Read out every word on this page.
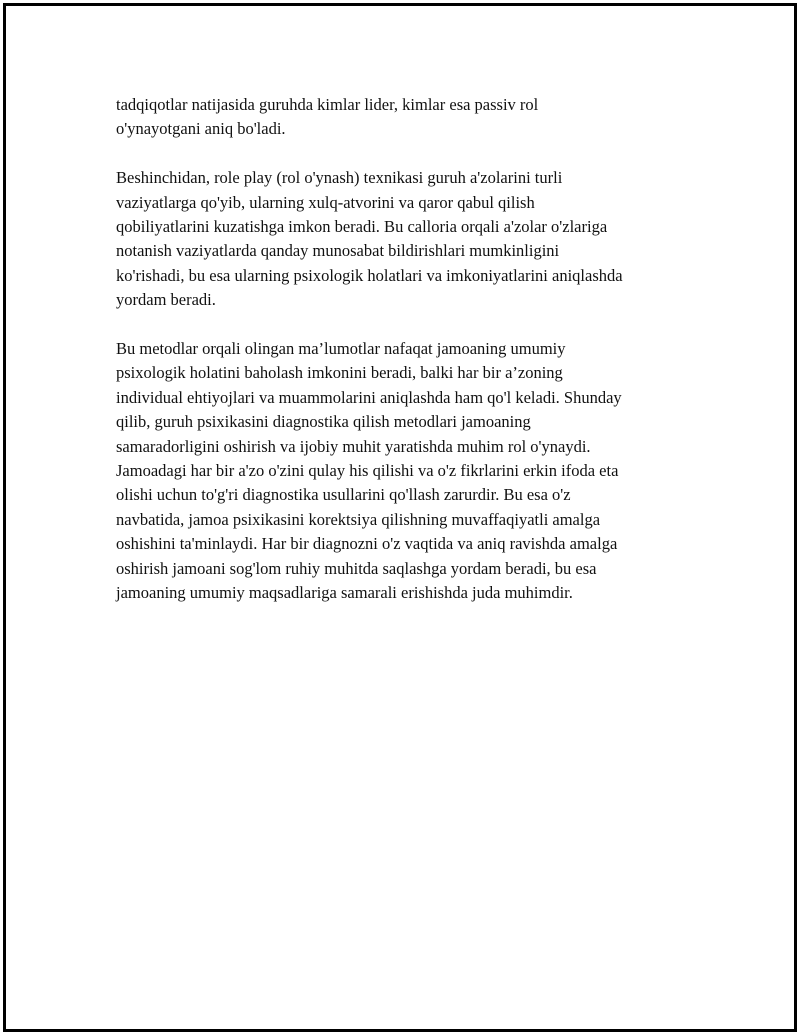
tadqiqotlar natijasida guruhda kimlar lider, kimlar esa passiv rol
o'ynayotgani aniq bo'ladi.

Beshinchidan, role play (rol o'ynash) texnikasi guruh a'zolarini turli
vaziyatlarga qo'yib, ularning xulq-atvorini va qaror qabul qilish
qobiliyatlarini kuzatishga imkon beradi. Bu calloria orqali a'zolar o'zlariga
notanish vaziyatlarda qanday munosabat bildirishlari mumkinligini
ko'rishadi, bu esa ularning psixologik holatlari va imkoniyatlarini aniqlashda
yordam beradi.

Bu metodlar orqali olingan ma’lumotlar nafaqat jamoaning umumiy
psixologik holatini baholash imkonini beradi, balki har bir a’zoning
individual ehtiyojlari va muammolarini aniqlashda ham qo'l keladi. Shunday
qilib, guruh psixikasini diagnostika qilish metodlari jamoaning
samaradorligini oshirish va ijobiy muhit yaratishda muhim rol o'ynaydi.
Jamoadagi har bir a'zo o'zini qulay his qilishi va o'z fikrlarini erkin ifoda eta
olishi uchun to'g'ri diagnostika usullarini qo'llash zarurdir. Bu esa o'z
navbatida, jamoa psixikasini korektsiya qilishning muvaffaqiyatli amalga
oshishini ta'minlaydi. Har bir diagnozni o'z vaqtida va aniq ravishda amalga
oshirish jamoani sog'lom ruhiy muhitda saqlashga yordam beradi, bu esa
jamoaning umumiy maqsadlariga samarali erishishda juda muhimdir.
